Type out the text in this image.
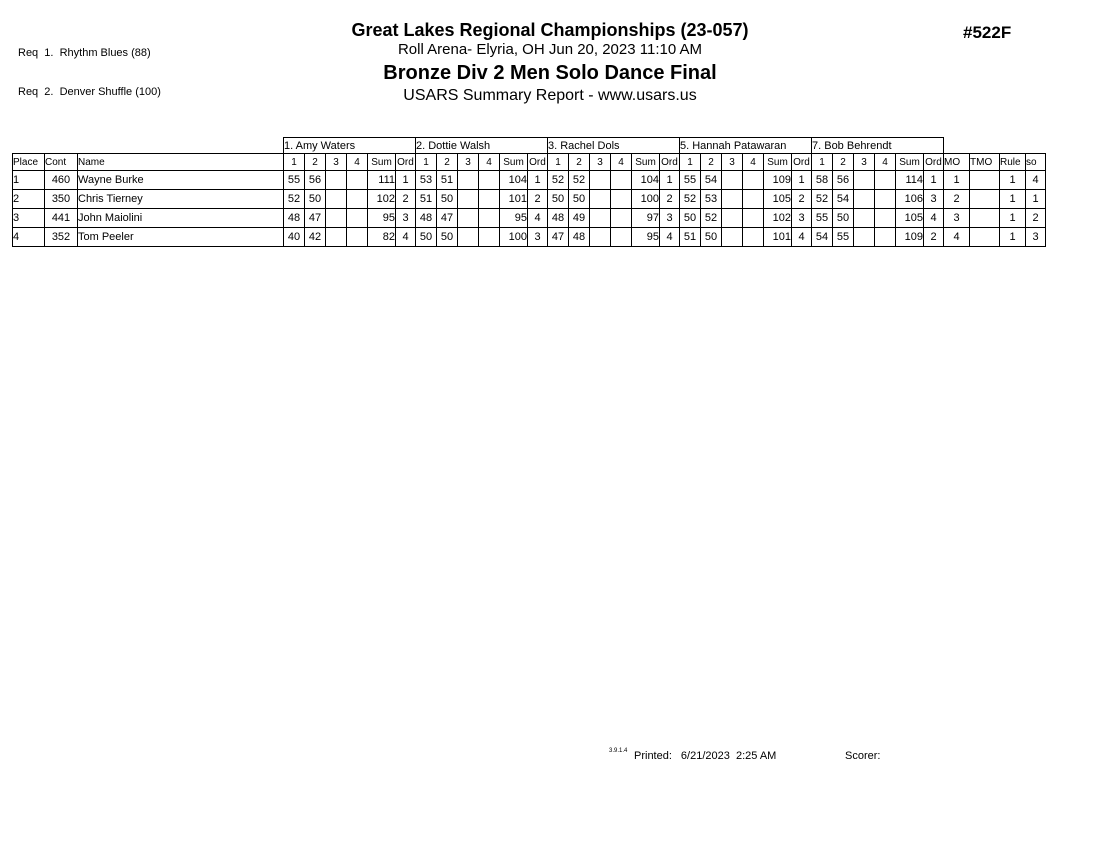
Req  1.  Rhythm Blues (88)

Req  2.  Denver Shuffle (100)

Great Lakes Regional Championships (23-057)
Roll Arena- Elyria, OH Jun 20, 2023 11:10 AM
Bronze Div 2 Men Solo Dance Final
USARS Summary Report - www.usars.us
#522F
			1. Amy Waters						2. Dottie Walsh						3. Rachel Dols						5. Hannah Patawaran						7. Bob Behrendt									
Place	Cont	Name	1	2	3	4	Sum	Ord	1	2	3	4	Sum	Ord	1	2	3	4	Sum	Ord	1	2	3	4	Sum	Ord	1	2	3	4	Sum	Ord	MO	TMO	Rule	so
1	460	Wayne Burke	55	56			111	1	53	51			104	1	52	52			104	1	55	54			109	1	58	56			114	1	1		1	4
2	350	Chris Tierney	52	50			102	2	51	50			101	2	50	50			100	2	52	53			105	2	52	54			106	3	2		1	1
3	441	John Maiolini	48	47			95	3	48	47			95	4	48	49			97	3	50	52			102	3	55	50			105	4	3		1	2
4	352	Tom Peeler	40	42			82	4	50	50			100	3	47	48			95	4	51	50			101	4	54	55			109	2	4		1	3
3.9.1.4 Printed: 6/21/2023  2:25 AM	Scorer:
